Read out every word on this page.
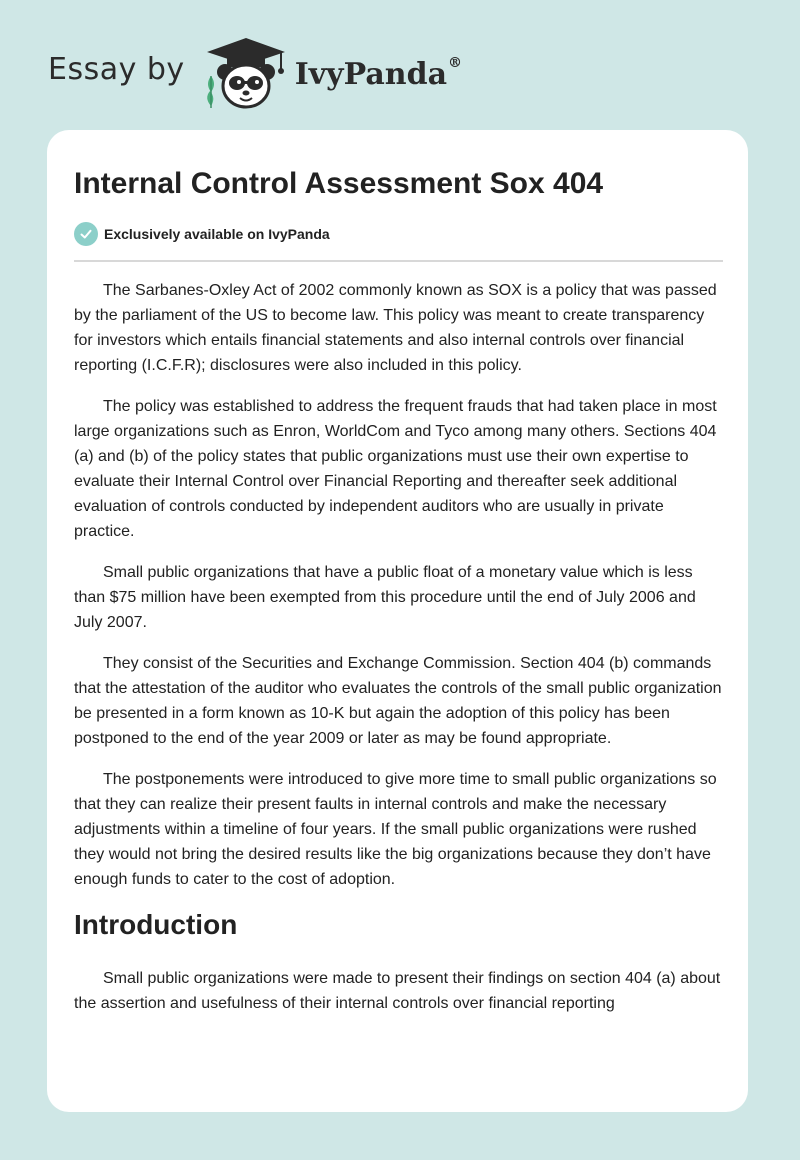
Essay by	IvyPanda®
Internal Control Assessment Sox 404
Exclusively available on IvyPanda

The Sarbanes-Oxley Act of 2002 commonly known as SOX is a policy that was passed by the parliament of the US to become law. This policy was meant to create transparency for investors which entails financial statements and also internal controls over financial reporting (I.C.F.R); disclosures were also included in this policy.

The policy was established to address the frequent frauds that had taken place in most large organizations such as Enron, WorldCom and Tyco among many others. Sections 404 (a) and (b) of the policy states that public organizations must use their own expertise to evaluate their Internal Control over Financial Reporting and thereafter seek additional evaluation of controls conducted by independent auditors who are usually in private practice.

Small public organizations that have a public float of a monetary value which is less than $75 million have been exempted from this procedure until the end of July 2006 and July 2007.

They consist of the Securities and Exchange Commission. Section 404 (b) commands that the attestation of the auditor who evaluates the controls of the small public organization be presented in a form known as 10-K but again the adoption of this policy has been postponed to the end of the year 2009 or later as may be found appropriate.

The postponements were introduced to give more time to small public organizations so that they can realize their present faults in internal controls and make the necessary adjustments within a timeline of four years. If the small public organizations were rushed they would not bring the desired results like the big organizations because they don’t have enough funds to cater to the cost of adoption.

Introduction

Small public organizations were made to present their findings on section 404 (a) about the assertion and usefulness of their internal controls over financial reporting
